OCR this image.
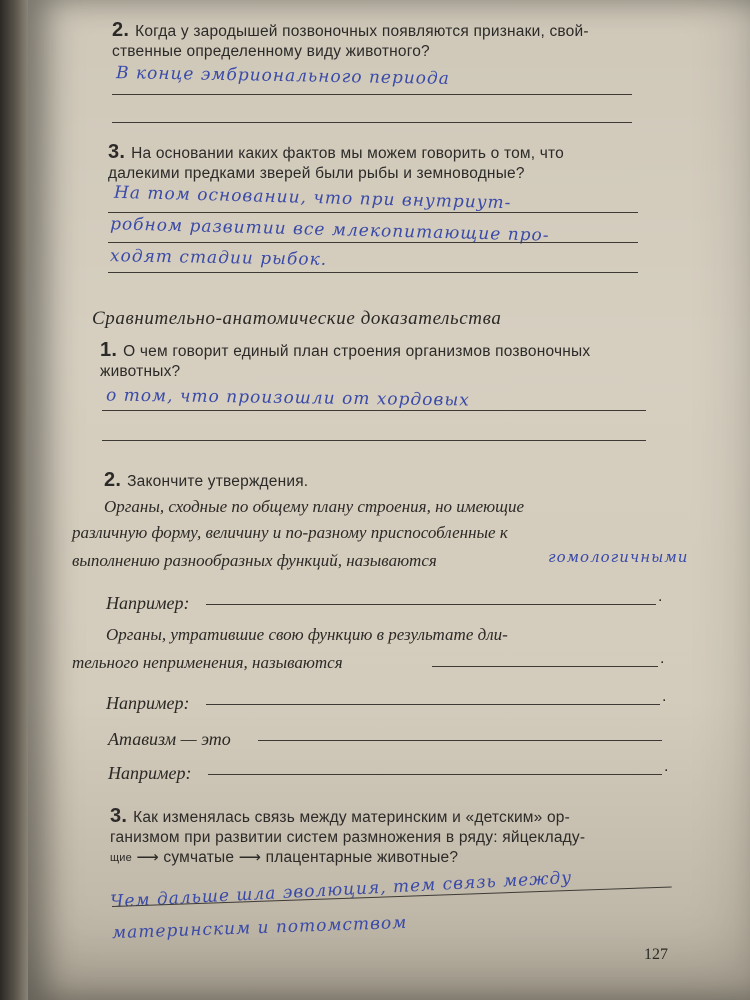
2. Когда у зародышей позвоночных появляются признаки, свой-
ственные определенному виду животного?
В конце эмбрионального периода
3. На основании каких фактов мы можем говорить о том, что
далекими предками зверей были рыбы и земноводные?
На том основании, что при внутриут-
робном развитии все млекопитающие про-
ходят стадии рыбок.
Сравнительно-анатомические доказательства
1. О чем говорит единый план строения организмов позвоночных
животных?
о том, что произошли от хордовых
2. Закончите утверждения.
Органы, сходные по общему плану строения, но имеющие
различную форму, величину и по-разному приспособленные к
выполнению разнообразных функций, называются	гомологичными
Например:	.
Органы, утратившие свою функцию в результате дли-
тельного неприменения, называются	.
Например:	.
Атавизм — это
Например:	.
3. Как изменялась связь между материнским и «детским» ор-
ганизмом при развитии систем размножения в ряду: яйцекладу-
щие ⟶ сумчатые ⟶ плацентарные животные?
Чем дальше шла эволюция, тем связь между
материнским и потомством
127
